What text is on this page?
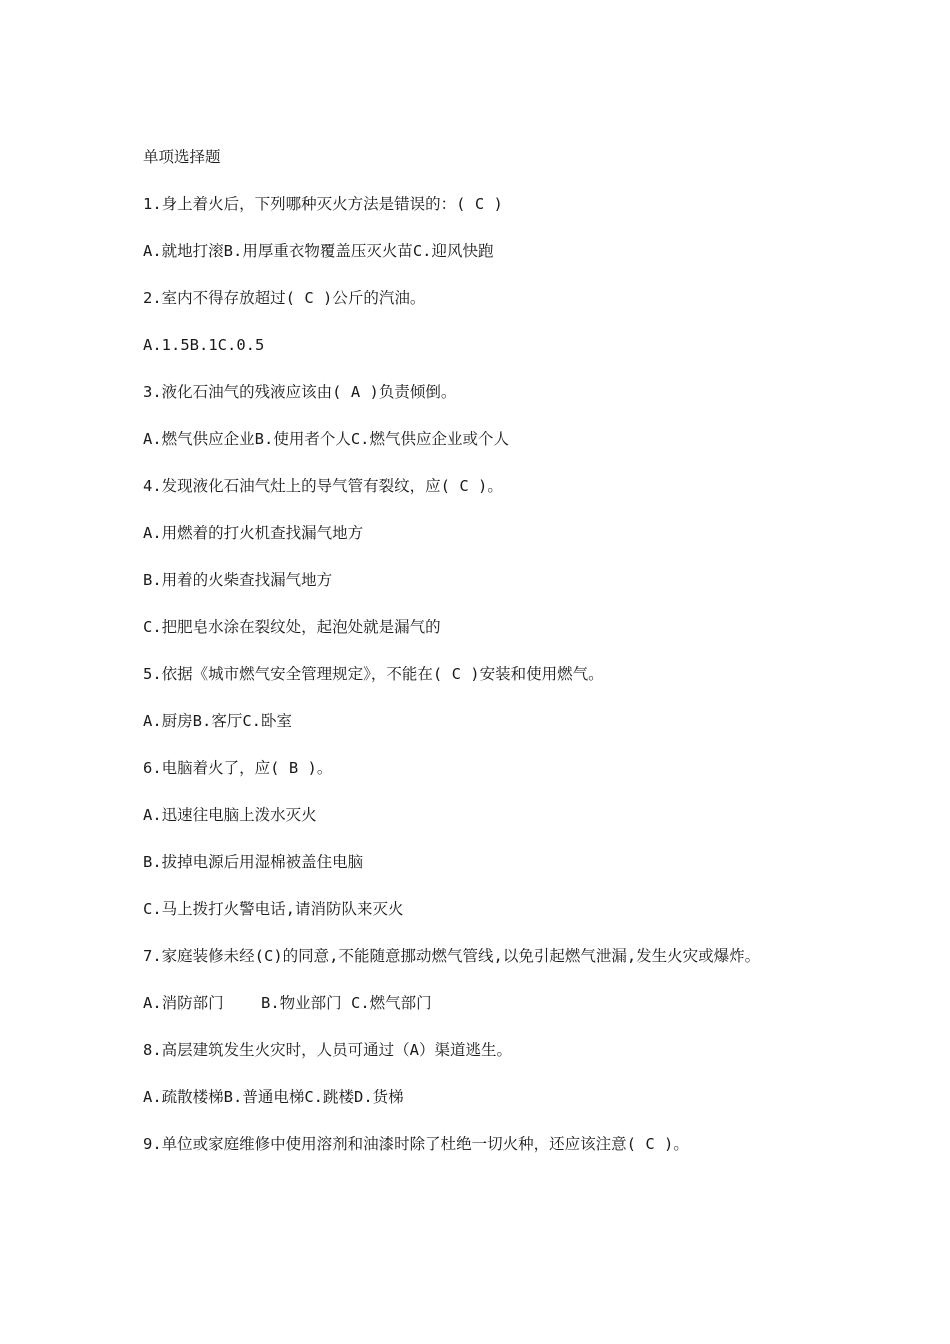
单项选择题

1.身上着火后，下列哪种灭火方法是错误的：( C )

A.就地打滚B.用厚重衣物覆盖压灭火苗C.迎风快跑

2.室内不得存放超过( C )公斤的汽油。

A.1.5B.1C.0.5

3.液化石油气的残液应该由( A )负责倾倒。

A.燃气供应企业B.使用者个人C.燃气供应企业或个人

4.发现液化石油气灶上的导气管有裂纹，应( C )。

A.用燃着的打火机查找漏气地方

B.用着的火柴查找漏气地方

C.把肥皂水涂在裂纹处，起泡处就是漏气的

5.依据《城市燃气安全管理规定》，不能在( C )安装和使用燃气。

A.厨房B.客厅C.卧室

6.电脑着火了，应( B )。

A.迅速往电脑上泼水灭火

B.拔掉电源后用湿棉被盖住电脑

C.马上拨打火警电话,请消防队来灭火

7.家庭装修未经(C)的同意,不能随意挪动燃气管线,以免引起燃气泄漏,发生火灾或爆炸。

A.消防部门    B.物业部门 C.燃气部门

8.高层建筑发生火灾时，人员可通过（A）渠道逃生。

A.疏散楼梯B.普通电梯C.跳楼D.货梯

9.单位或家庭维修中使用溶剂和油漆时除了杜绝一切火种，还应该注意( C )。
